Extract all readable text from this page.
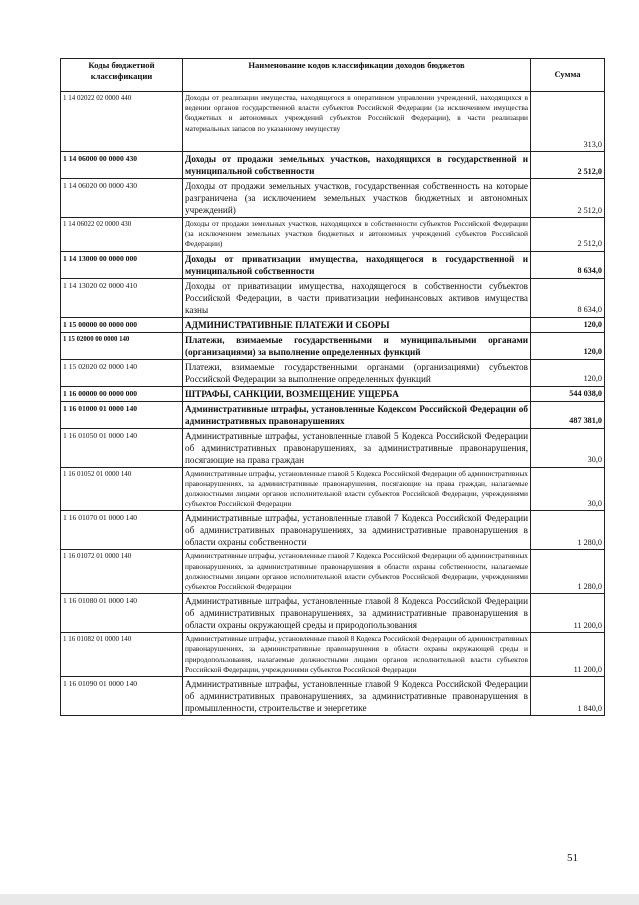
Коды бюджетной классификации	Наименование кодов классификации доходов бюджетов	Сумма
1 14 02022 02 0000 440	Доходы от реализации имущества, находящегося в оперативном управлении учреждений, находящихся в ведении органов государственной власти субъектов Российской Федерации (за исключением имущества бюджетных и автономных учреждений субъектов Российской Федерации), в части реализации материальных запасов по указанному имуществу	313,0
1 14 06000 00 0000 430	Доходы от продажи земельных участков, находящихся в государственной и муниципальной собственности	2 512,0
1 14 06020 00 0000 430	Доходы от продажи земельных участков, государственная собственность на которые разграничена (за исключением земельных участков бюджетных и автономных учреждений)	2 512,0
1 14 06022 02 0000 430	Доходы от продажи земельных участков, находящихся в собственности субъектов Российской Федерации (за исключением земельных участков бюджетных и автономных учреждений субъектов Российской Федерации)	2 512,0
1 14 13000 00 0000 000	Доходы от приватизации имущества, находящегося в государственной и муниципальной собственности	8 634,0
1 14 13020 02 0000 410	Доходы от приватизации имущества, находящегося в собственности субъектов Российской Федерации, в части приватизации нефинансовых активов имущества казны	8 634,0
1 15 00000 00 0000 000	АДМИНИСТРАТИВНЫЕ ПЛАТЕЖИ И СБОРЫ	120,0
1 15 02000 00 0000 140	Платежи, взимаемые государственными и муниципальными органами (организациями) за выполнение определенных функций	120,0
1 15 02020 02 0000 140	Платежи, взимаемые государственными органами (организациями) субъектов Российской Федерации за выполнение определенных функций	120,0
1 16 00000 00 0000 000	ШТРАФЫ, САНКЦИИ, ВОЗМЕЩЕНИЕ УЩЕРБА	544 038,0
1 16 01000 01 0000 140	Административные штрафы, установленные Кодексом Российской Федерации об административных правонарушениях	487 381,0
1 16 01050 01 0000 140	Административные штрафы, установленные главой 5 Кодекса Российской Федерации об административных правонарушениях, за административные правонарушения, посягающие на права граждан	30,0
1 16 01052 01 0000 140	Административные штрафы, установленные главой 5 Кодекса Российской Федерации об административных правонарушениях, за административные правонарушения, посягающие на права граждан, налагаемые должностными лицами органов исполнительной власти субъектов Российской Федерации, учреждениями субъектов Российской Федерации	30,0
1 16 01070 01 0000 140	Административные штрафы, установленные главой 7 Кодекса Российской Федерации об административных правонарушениях, за административные правонарушения в области охраны собственности	1 280,0
1 16 01072 01 0000 140	Административные штрафы, установленные главой 7 Кодекса Российской Федерации об административных правонарушениях, за административные правонарушения в области охраны собственности, налагаемые должностными лицами органов исполнительной власти субъектов Российской Федерации, учреждениями субъектов Российской Федерации	1 280,0
1 16 01080 01 0000 140	Административные штрафы, установленные главой 8 Кодекса Российской Федерации об административных правонарушениях, за административные правонарушения в области охраны окружающей среды и природопользования	11 200,0
1 16 01082 01 0000 140	Административные штрафы, установленные главой 8 Кодекса Российской Федерации об административных правонарушениях, за административные правонарушения в области охраны окружающей среды и природопользования, налагаемые должностными лицами органов исполнительной власти субъектов Российской Федерации, учреждениями субъектов Российской Федерации	11 200,0
1 16 01090 01 0000 140	Административные штрафы, установленные главой 9 Кодекса Российской Федерации об административных правонарушениях, за административные правонарушения в промышленности, строительстве и энергетике	1 840,0
51
